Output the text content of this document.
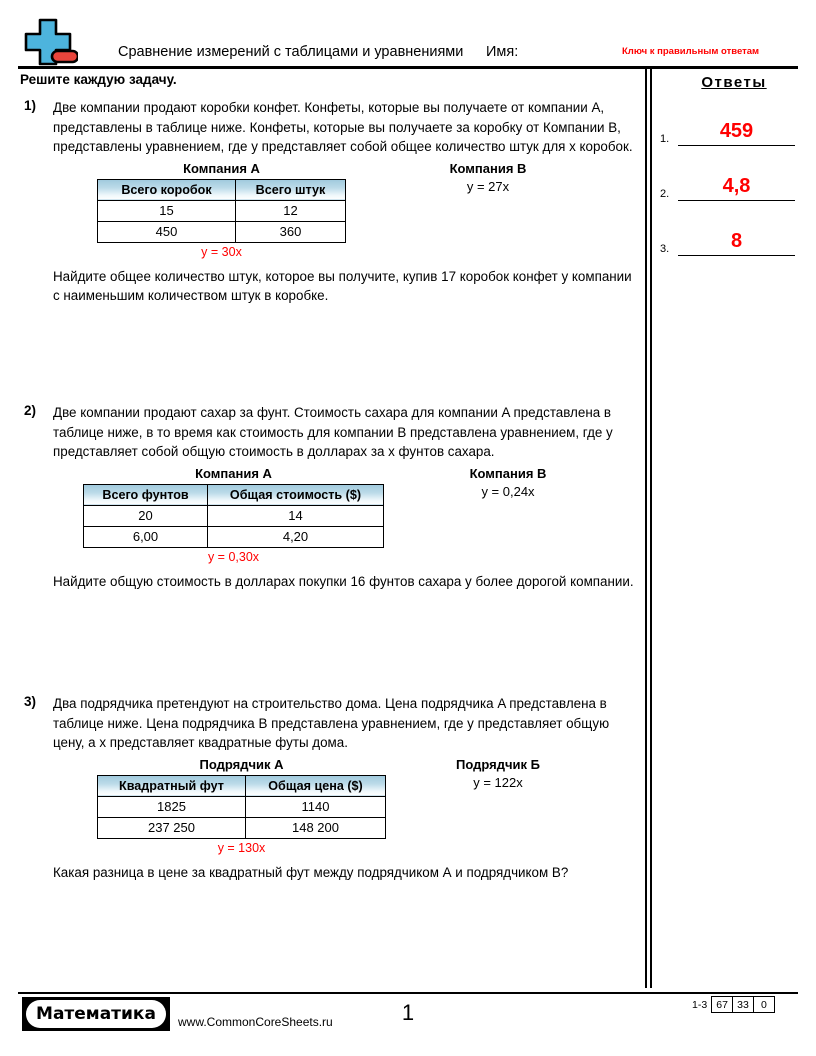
Сравнение измерений с таблицами и уравнениями Имя:	Ключ к правильным ответам
Решите каждую задачу.	Ответы
1.	459
2.	4,8
3.	8
1) Две компании продают коробки конфет. Конфеты, которые вы получаете от компании A, представлены в таблице ниже. Конфеты, которые вы получаете за коробку от Компании B, представлены уравнением, где y представляет собой общее количество штук для x коробок.
Компания A
Всего коробок	Всего штук
15	12
450	360
y = 30x
Компания B
y = 27x
Найдите общее количество штук, которое вы получите, купив 17 коробок конфет у компании с наименьшим количеством штук в коробке.
2) Две компании продают сахар за фунт. Стоимость сахара для компании A представлена в таблице ниже, в то время как стоимость для компании B представлена уравнением, где y представляет собой общую стоимость в долларах за x фунтов сахара.
Компания A
Всего фунтов	Общая стоимость ($)
20	14
6,00	4,20
y = 0,30x
Компания B
y = 0,24x
Найдите общую стоимость в долларах покупки 16 фунтов сахара у более дорогой компании.
3) Два подрядчика претендуют на строительство дома. Цена подрядчика A представлена в таблице ниже. Цена подрядчика B представлена уравнением, где y представляет общую цену, а x представляет квадратные футы дома.
Подрядчик А
Квадратный фут	Общая цена ($)
1825	1140
237 250	148 200
y = 130x
Подрядчик Б
y = 122x
Какая разница в цене за квадратный фут между подрядчиком А и подрядчиком B?
Математика www.CommonCoreSheets.ru	1	1-3 67 33	0
